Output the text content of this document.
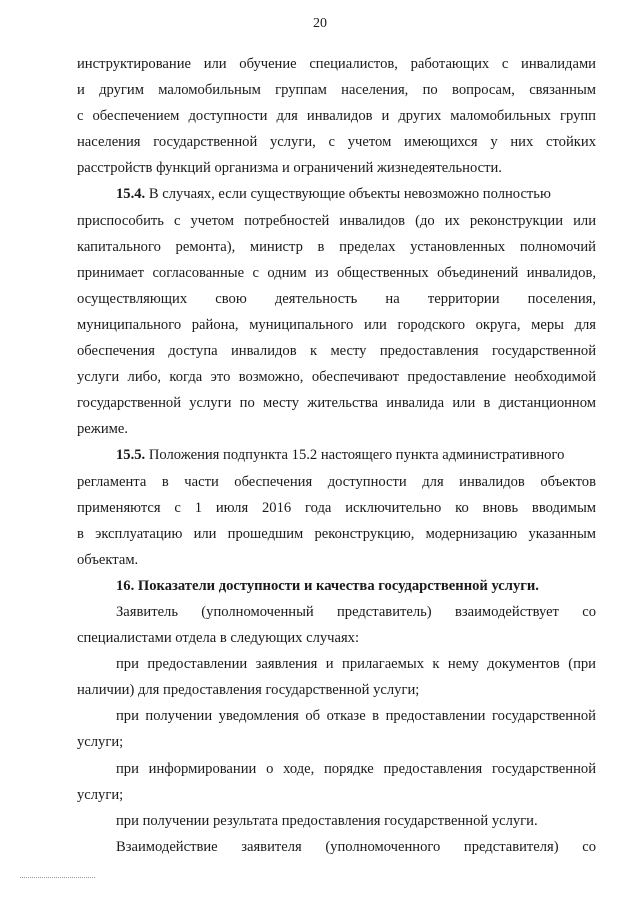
20
инструктирование или обучение специалистов, работающих с инвалидами
и другим маломобильным группам населения, по вопросам, связанным
с обеспечением доступности для инвалидов и других маломобильных групп
населения государственной услуги, с учетом имеющихся у них стойких
расстройств функций организма и ограничений жизнедеятельности.
15.4. В случаях, если существующие объекты невозможно полностью
приспособить с учетом потребностей инвалидов (до их реконструкции или
капитального ремонта), министр в пределах установленных полномочий
принимает согласованные с одним из общественных объединений инвалидов,
осуществляющих свою деятельность на территории поселения,
муниципального района, муниципального или городского округа, меры для
обеспечения доступа инвалидов к месту предоставления государственной
услуги либо, когда это возможно, обеспечивают предоставление необходимой
государственной услуги по месту жительства инвалида или в дистанционном
режиме.
15.5. Положения подпункта 15.2 настоящего пункта административного
регламента в части обеспечения доступности для инвалидов объектов
применяются с 1 июля 2016 года исключительно ко вновь вводимым
в эксплуатацию или прошедшим реконструкцию, модернизацию указанным
объектам.
16. Показатели доступности и качества государственной услуги.
Заявитель (уполномоченный представитель) взаимодействует со
специалистами отдела в следующих случаях:
при предоставлении заявления и прилагаемых к нему документов (при
наличии) для предоставления государственной услуги;
при получении уведомления об отказе в предоставлении государственной
услуги;
при информировании о ходе, порядке предоставления государственной
услуги;
при получении результата предоставления государственной услуги.
Взаимодействие заявителя (уполномоченного представителя) со
